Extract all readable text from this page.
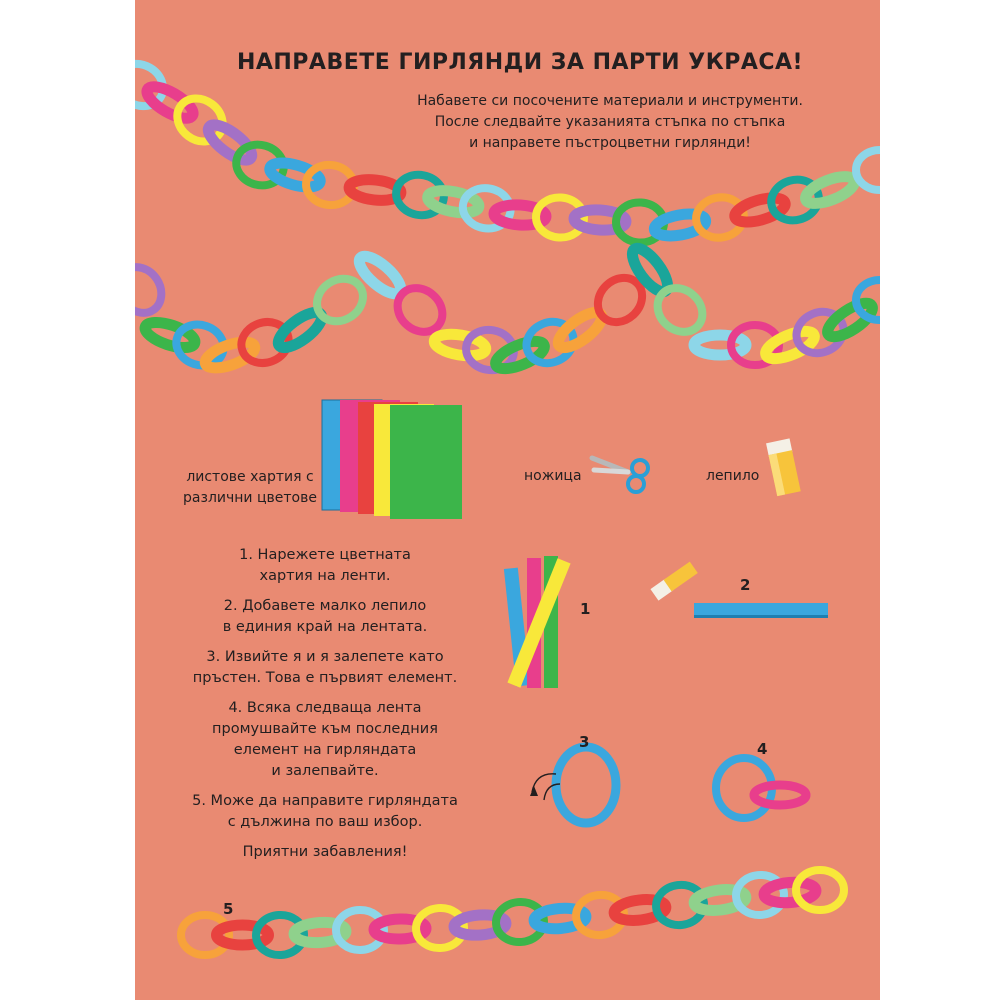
НАПРАВЕТЕ ГИРЛЯНДИ ЗА ПАРТИ УКРАСА!
Набавете си посочените материали и инструменти.
После следвайте указанията стъпка по стъпка
и направете пъстроцветни гирлянди!
листове хартия с
различни цветове
ножица	лепило
1. Нарежете цветната
хартия на ленти.
2. Добавете малко лепило
в единия край на лентата.
3. Извийте я и я залепете като
пръстен. Това е първият елемент.
4. Всяка следваща лента
промушвайте към последния
елемент на гирляндата
и залепвайте.
5. Може да направите гирляндата
с дължина по ваш избор.
Приятни забавления!
1
2
3	4
5
